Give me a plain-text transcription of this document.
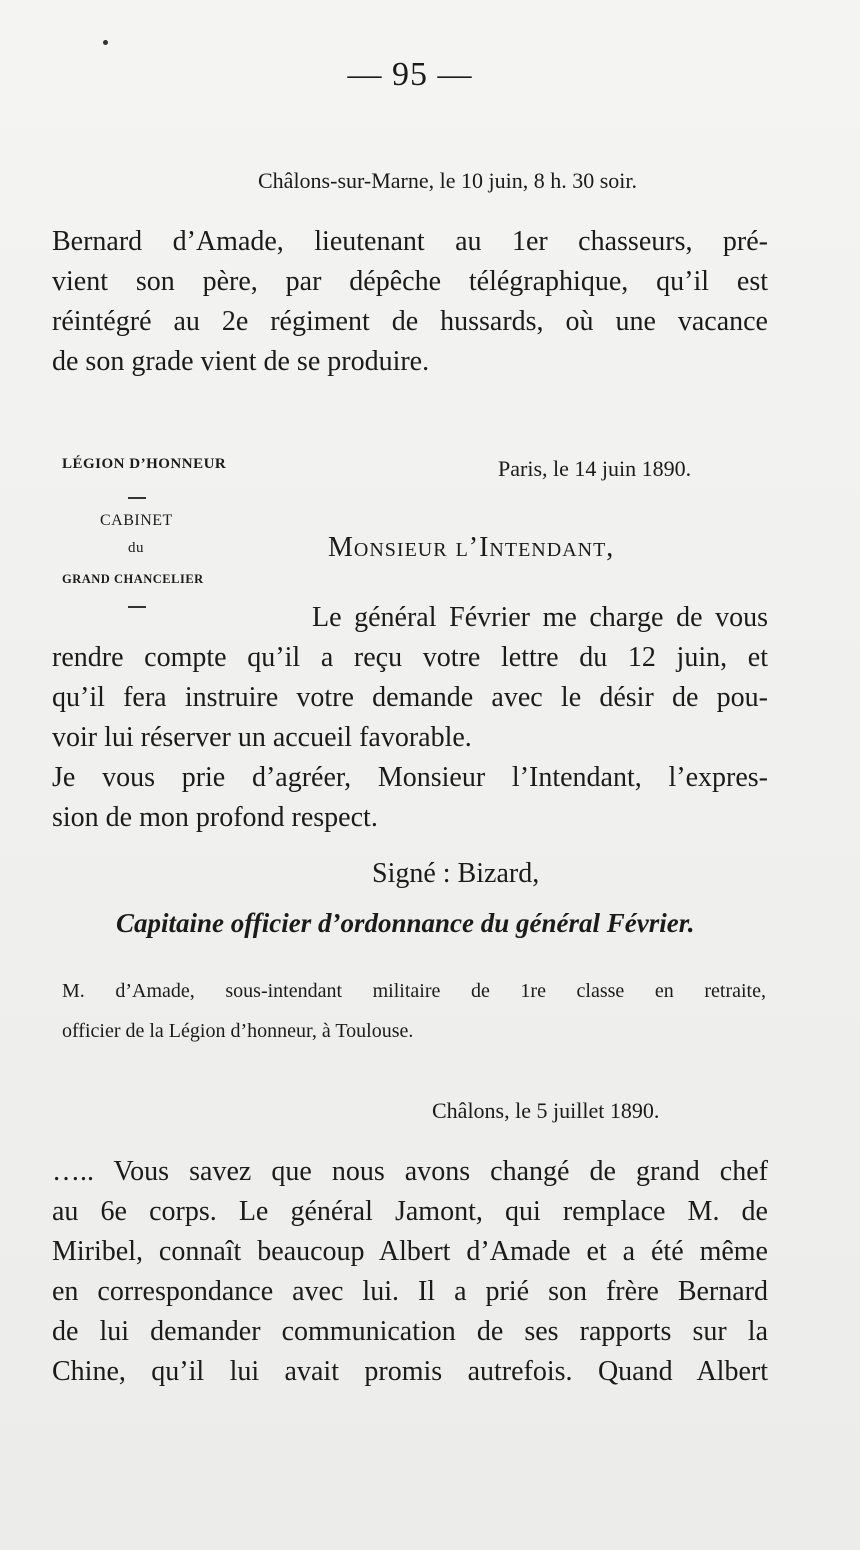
— 95 —
Châlons-sur-Marne, le 10 juin, 8 h. 30 soir.
Bernard d’Amade, lieutenant au 1er chasseurs, pré-
vient son père, par dépêche télégraphique, qu’il est
réintégré au 2e régiment de hussards, où une vacance
de son grade vient de se produire.
LÉGION D’HONNEUR
CABINET
du
GRAND CHANCELIER
Paris, le 14 juin 1890.
Monsieur l’Intendant,
Le général Février me charge de vous
rendre compte qu’il a reçu votre lettre du 12 juin, et
qu’il fera instruire votre demande avec le désir de pou-
voir lui réserver un accueil favorable.
Je vous prie d’agréer, Monsieur l’Intendant, l’expres-
sion de mon profond respect.
Signé : Bizard,
Capitaine officier d’ordonnance du général Février.
M. d’Amade, sous-intendant militaire de 1re classe en retraite,
officier de la Légion d’honneur, à Toulouse.
Châlons, le 5 juillet 1890.
….. Vous savez que nous avons changé de grand chef
au 6e corps. Le général Jamont, qui remplace M. de
Miribel, connaît beaucoup Albert d’Amade et a été même
en correspondance avec lui. Il a prié son frère Bernard
de lui demander communication de ses rapports sur la
Chine, qu’il lui avait promis autrefois. Quand Albert
